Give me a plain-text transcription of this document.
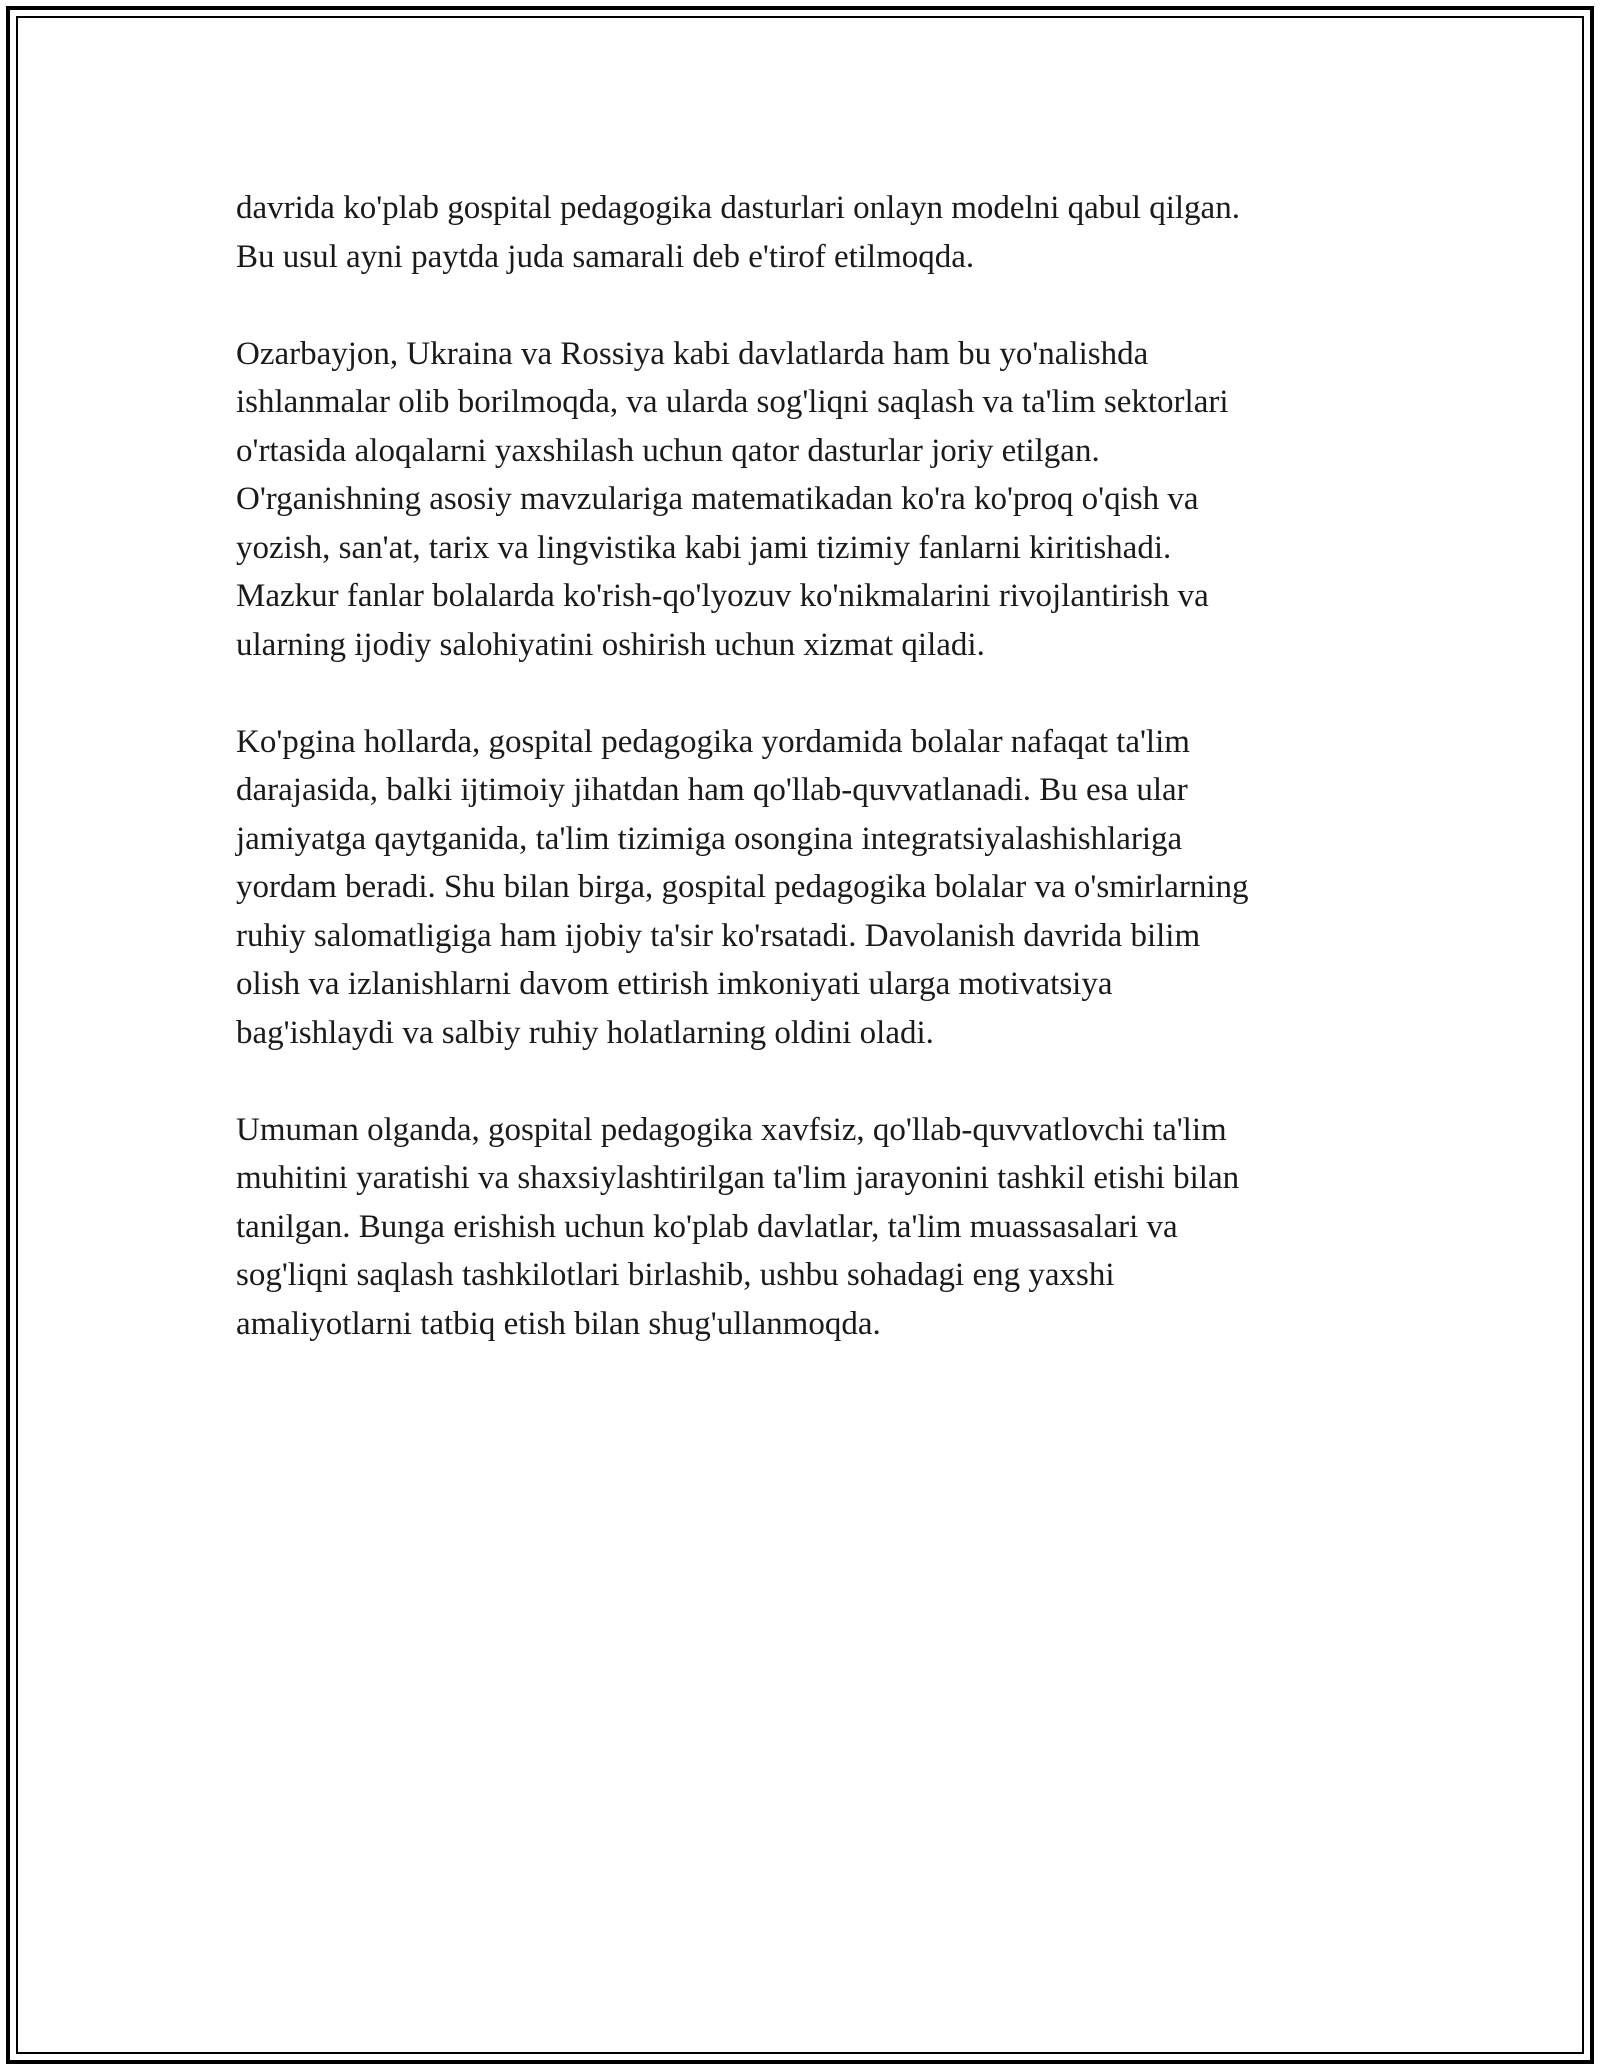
davrida ko'plab gospital pedagogika dasturlari onlayn modelni qabul qilgan.
Bu usul ayni paytda juda samarali deb e'tirof etilmoqda.

Ozarbayjon, Ukraina va Rossiya kabi davlatlarda ham bu yo'nalishda
ishlanmalar olib borilmoqda, va ularda sog'liqni saqlash va ta'lim sektorlari
o'rtasida aloqalarni yaxshilash uchun qator dasturlar joriy etilgan.
O'rganishning asosiy mavzulariga matematikadan ko'ra ko'proq o'qish va
yozish, san'at, tarix va lingvistika kabi jami tizimiy fanlarni kiritishadi.
Mazkur fanlar bolalarda ko'rish-qo'lyozuv ko'nikmalarini rivojlantirish va
ularning ijodiy salohiyatini oshirish uchun xizmat qiladi.

Ko'pgina hollarda, gospital pedagogika yordamida bolalar nafaqat ta'lim
darajasida, balki ijtimoiy jihatdan ham qo'llab-quvvatlanadi. Bu esa ular
jamiyatga qaytganida, ta'lim tizimiga osongina integratsiyalashishlariga
yordam beradi. Shu bilan birga, gospital pedagogika bolalar va o'smirlarning
ruhiy salomatligiga ham ijobiy ta'sir ko'rsatadi. Davolanish davrida bilim
olish va izlanishlarni davom ettirish imkoniyati ularga motivatsiya
bag'ishlaydi va salbiy ruhiy holatlarning oldini oladi.

Umuman olganda, gospital pedagogika xavfsiz, qo'llab-quvvatlovchi ta'lim
muhitini yaratishi va shaxsiylashtirilgan ta'lim jarayonini tashkil etishi bilan
tanilgan. Bunga erishish uchun ko'plab davlatlar, ta'lim muassasalari va
sog'liqni saqlash tashkilotlari birlashib, ushbu sohadagi eng yaxshi
amaliyotlarni tatbiq etish bilan shug'ullanmoqda.
